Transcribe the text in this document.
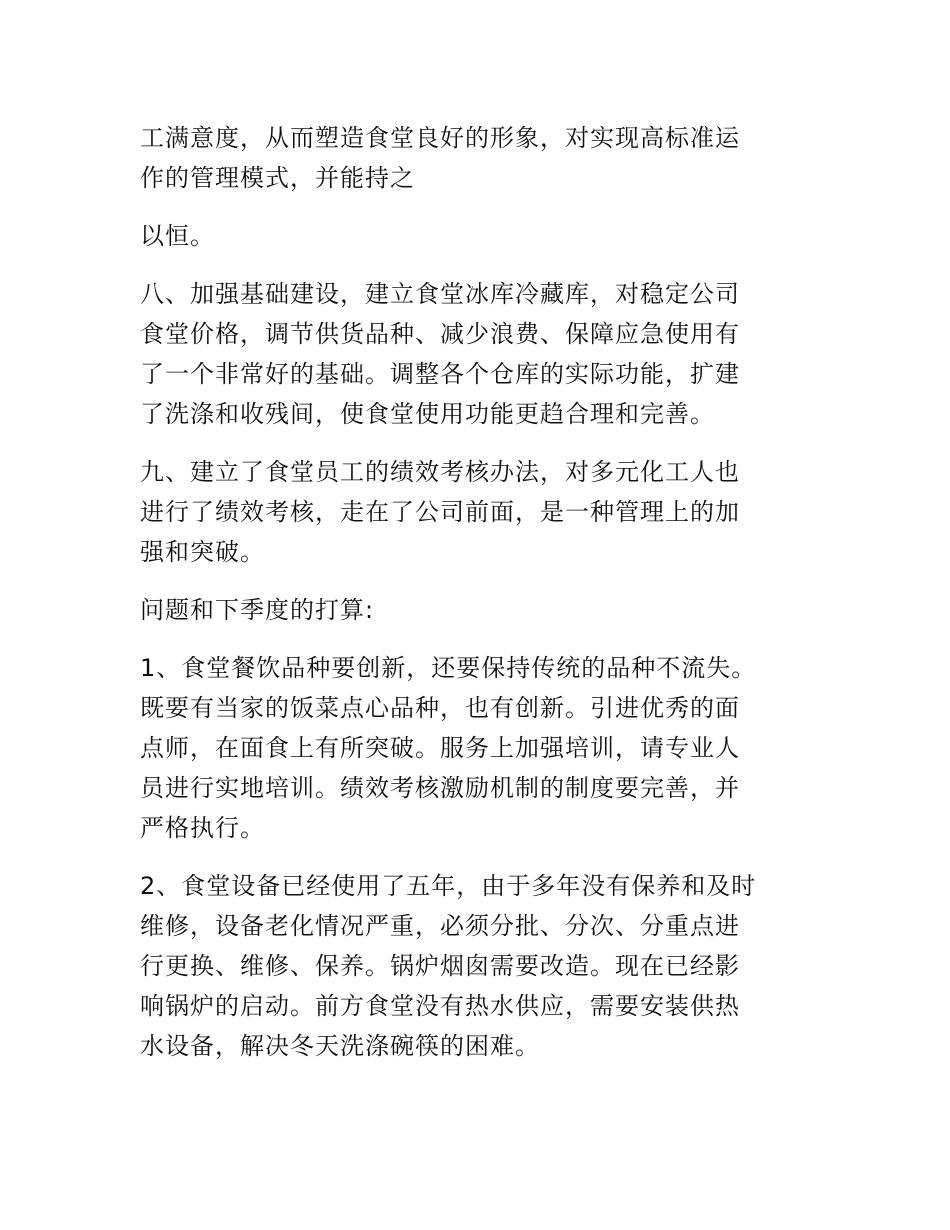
工满意度，从而塑造食堂良好的形象，对实现高标准运
作的管理模式，并能持之

以恒。

八、加强基础建设，建立食堂冰库冷藏库，对稳定公司
食堂价格，调节供货品种、减少浪费、保障应急使用有
了一个非常好的基础。调整各个仓库的实际功能，扩建
了洗涤和收残间，使食堂使用功能更趋合理和完善。

九、建立了食堂员工的绩效考核办法，对多元化工人也
进行了绩效考核，走在了公司前面，是一种管理上的加
强和突破。

问题和下季度的打算:

1、食堂餐饮品种要创新，还要保持传统的品种不流失。
既要有当家的饭菜点心品种，也有创新。引进优秀的面
点师，在面食上有所突破。服务上加强培训，请专业人
员进行实地培训。绩效考核激励机制的制度要完善，并
严格执行。

2、食堂设备已经使用了五年，由于多年没有保养和及时
维修，设备老化情况严重，必须分批、分次、分重点进
行更换、维修、保养。锅炉烟囱需要改造。现在已经影
响锅炉的启动。前方食堂没有热水供应，需要安装供热
水设备，解决冬天洗涤碗筷的困难。
